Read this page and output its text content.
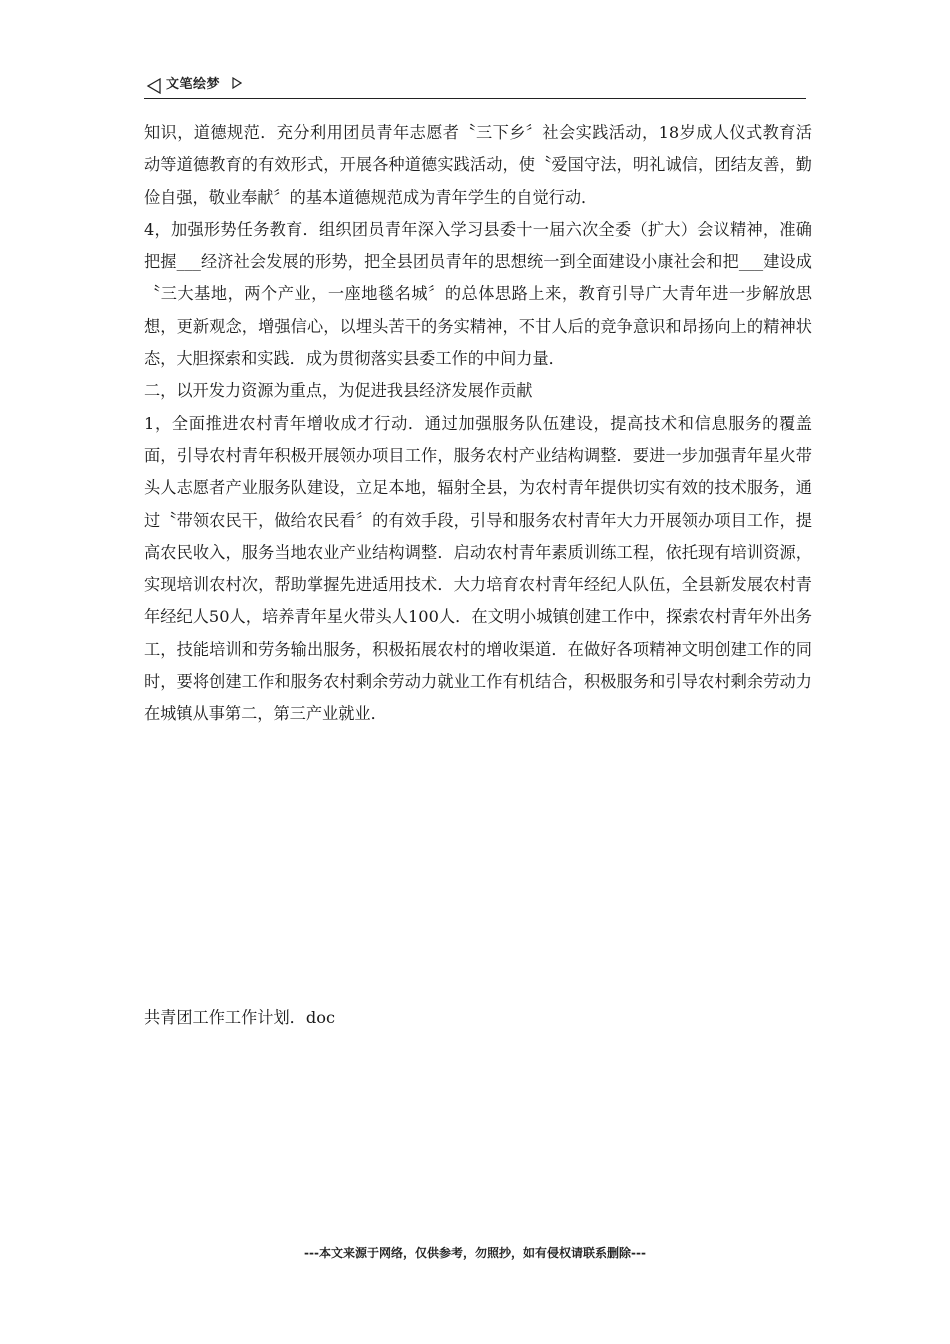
文笔绘梦

知识，道德规范．充分利用团员青年志愿者〝三下乡〞社会实践活动，18岁成人仪式教育活动等道德教育的有效形式，开展各种道德实践活动，使〝爱国守法，明礼诚信，团结友善，勤俭自强，敬业奉献〞的基本道德规范成为青年学生的自觉行动．

4，加强形势任务教育．组织团员青年深入学习县委十一届六次全委（扩大）会议精神，准确把握___经济社会发展的形势，把全县团员青年的思想统一到全面建设小康社会和把___建设成〝三大基地，两个产业，一座地毯名城〞的总体思路上来，教育引导广大青年进一步解放思想，更新观念，增强信心，以埋头苦干的务实精神，不甘人后的竞争意识和昂扬向上的精神状态，大胆探索和实践．成为贯彻落实县委工作的中间力量．

二，以开发力资源为重点，为促进我县经济发展作贡献

1，全面推进农村青年增收成才行动．通过加强服务队伍建设，提高技术和信息服务的覆盖面，引导农村青年积极开展领办项目工作，服务农村产业结构调整．要进一步加强青年星火带头人志愿者产业服务队建设，立足本地，辐射全县，为农村青年提供切实有效的技术服务，通过〝带领农民干，做给农民看〞的有效手段，引导和服务农村青年大力开展领办项目工作，提高农民收入，服务当地农业产业结构调整．启动农村青年素质训练工程，依托现有培训资源，实现培训农村次，帮助掌握先进适用技术．大力培育农村青年经纪人队伍，全县新发展农村青年经纪人50人，培养青年星火带头人100人．在文明小城镇创建工作中，探索农村青年外出务工，技能培训和劳务输出服务，积极拓展农村的增收渠道．在做好各项精神文明创建工作的同时，要将创建工作和服务农村剩余劳动力就业工作有机结合，积极服务和引导农村剩余劳动力在城镇从事第二，第三产业就业．

共青团工作工作计划．doc
---本文来源于网络，仅供参考，勿照抄，如有侵权请联系删除---
